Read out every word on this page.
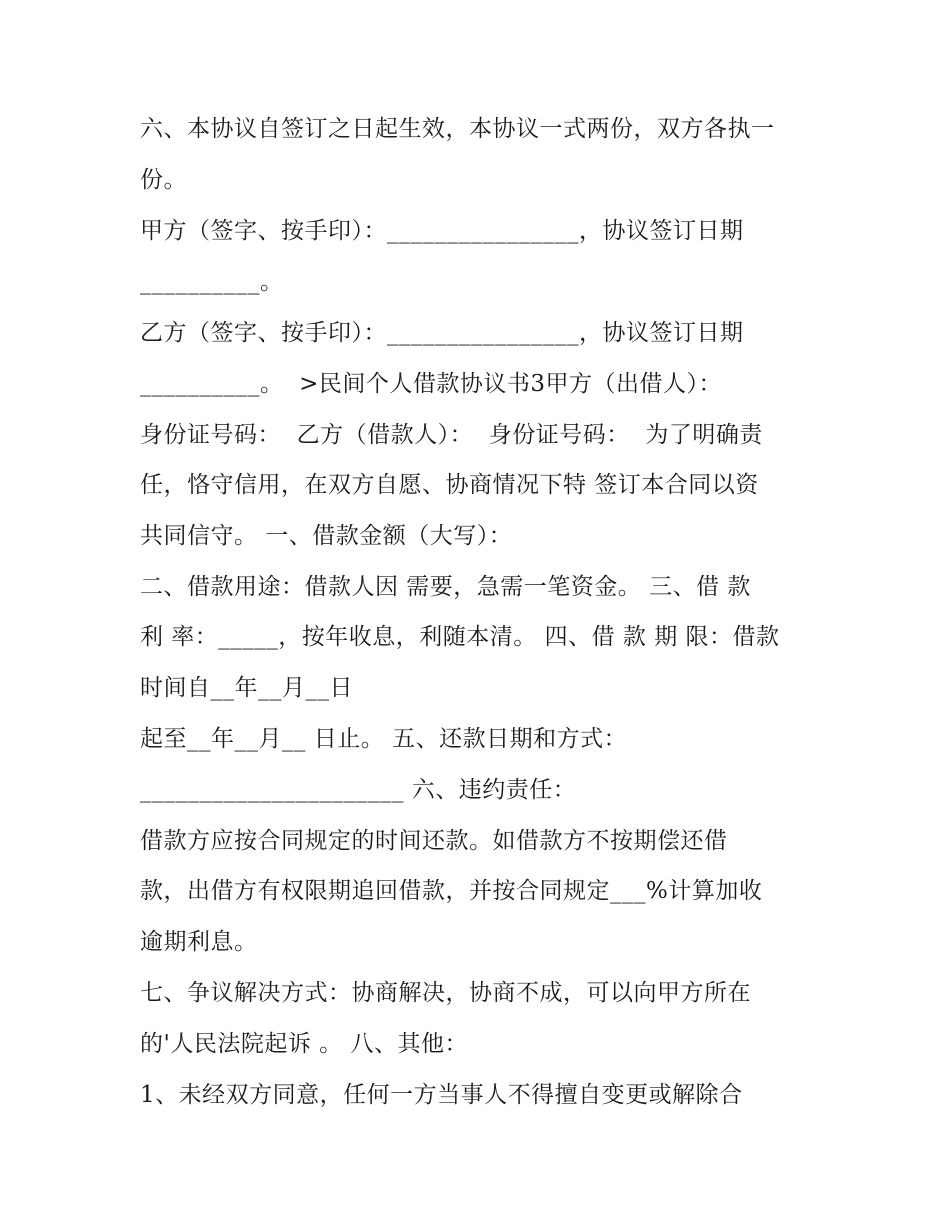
六、本协议自签订之日起生效，本协议一式两份，双方各执一
份。
甲方（签字、按手印）：________________，协议签订日期
__________。
乙方（签字、按手印）：________________，协议签订日期
__________。  >民间个人借款协议书3甲方（出借人）：
身份证号码：  乙方（借款人）：  身份证号码：  为了明确责
任，恪守信用，在双方自愿、协商情况下特 签订本合同以资
共同信守。 一、借款金额（大写）：
二、借款用途：借款人因 需要，急需一笔资金。 三、借 款
利 率：_____，按年收息，利随本清。 四、借 款 期 限：借款
时间自__年__月__日
起至__年__月__ 日止。 五、还款日期和方式：
______________________ 六、违约责任：
借款方应按合同规定的时间还款。如借款方不按期偿还借
款，出借方有权限期追回借款，并按合同规定___%计算加收
逾期利息。
七、争议解决方式：协商解决，协商不成，可以向甲方所在
的'人民法院起诉 。 八、其他：
1、未经双方同意，任何一方当事人不得擅自变更或解除合
